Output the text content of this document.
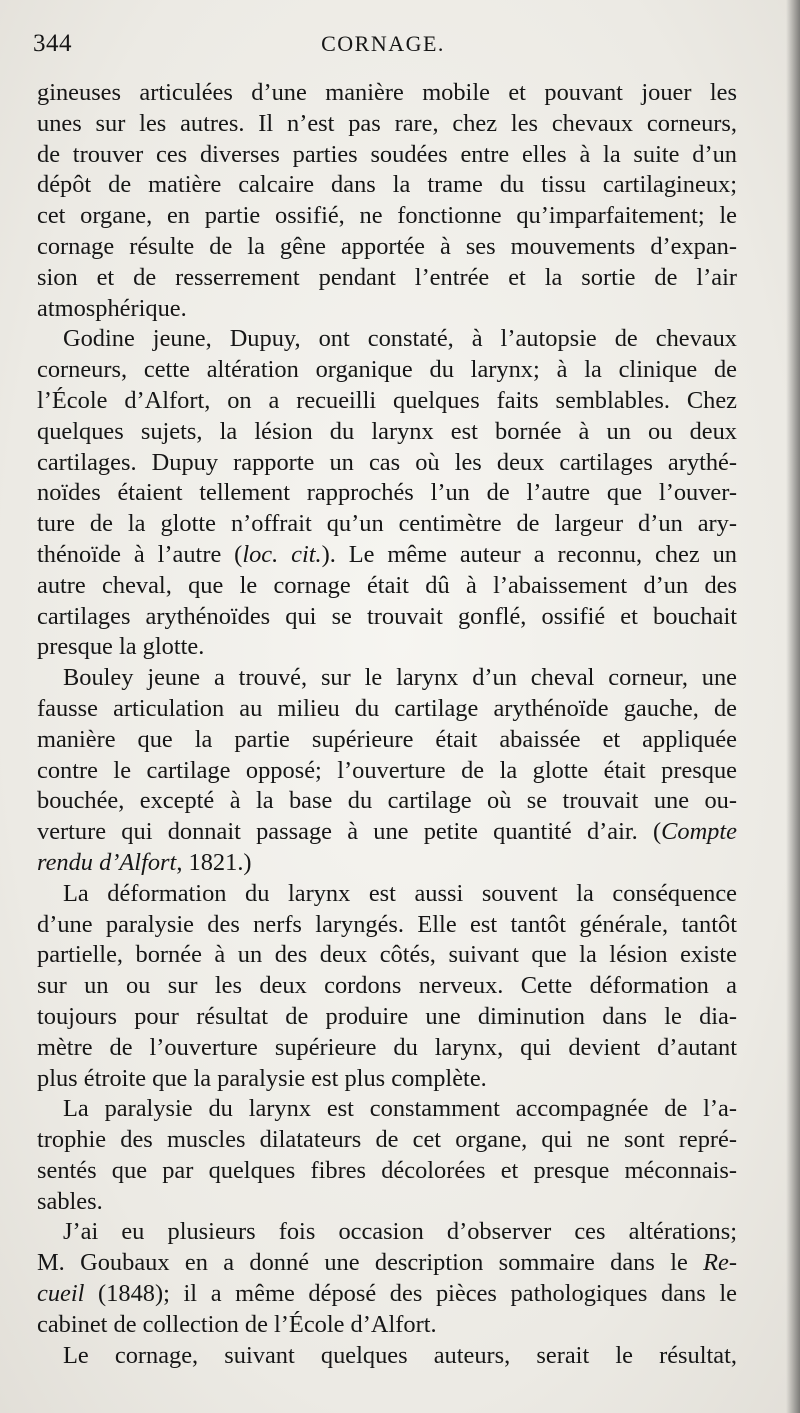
344	CORNAGE.
gineuses articulées d’une manière mobile et pouvant jouer les
unes sur les autres. Il n’est pas rare, chez les chevaux corneurs,
de trouver ces diverses parties soudées entre elles à la suite d’un
dépôt de matière calcaire dans la trame du tissu cartilagineux;
cet organe, en partie ossifié, ne fonctionne qu’imparfaitement; le
cornage résulte de la gêne apportée à ses mouvements d’expan-
sion et de resserrement pendant l’entrée et la sortie de l’air
atmosphérique.
Godine jeune, Dupuy, ont constaté, à l’autopsie de chevaux
corneurs, cette altération organique du larynx; à la clinique de
l’École d’Alfort, on a recueilli quelques faits semblables. Chez
quelques sujets, la lésion du larynx est bornée à un ou deux
cartilages. Dupuy rapporte un cas où les deux cartilages arythé-
noïdes étaient tellement rapprochés l’un de l’autre que l’ouver-
ture de la glotte n’offrait qu’un centimètre de largeur d’un ary-
thénoïde à l’autre (loc. cit.). Le même auteur a reconnu, chez un
autre cheval, que le cornage était dû à l’abaissement d’un des
cartilages arythénoïdes qui se trouvait gonflé, ossifié et bouchait
presque la glotte.
Bouley jeune a trouvé, sur le larynx d’un cheval corneur, une
fausse articulation au milieu du cartilage arythénoïde gauche, de
manière que la partie supérieure était abaissée et appliquée
contre le cartilage opposé; l’ouverture de la glotte était presque
bouchée, excepté à la base du cartilage où se trouvait une ou-
verture qui donnait passage à une petite quantité d’air. (Compte
rendu d’Alfort, 1821.)
La déformation du larynx est aussi souvent la conséquence
d’une paralysie des nerfs laryngés. Elle est tantôt générale, tantôt
partielle, bornée à un des deux côtés, suivant que la lésion existe
sur un ou sur les deux cordons nerveux. Cette déformation a
toujours pour résultat de produire une diminution dans le dia-
mètre de l’ouverture supérieure du larynx, qui devient d’autant
plus étroite que la paralysie est plus complète.
La paralysie du larynx est constamment accompagnée de l’a-
trophie des muscles dilatateurs de cet organe, qui ne sont repré-
sentés que par quelques fibres décolorées et presque méconnais-
sables.
J’ai eu plusieurs fois occasion d’observer ces altérations;
M. Goubaux en a donné une description sommaire dans le Re-
cueil (1848); il a même déposé des pièces pathologiques dans le
cabinet de collection de l’École d’Alfort.
Le cornage, suivant quelques auteurs, serait le résultat,
